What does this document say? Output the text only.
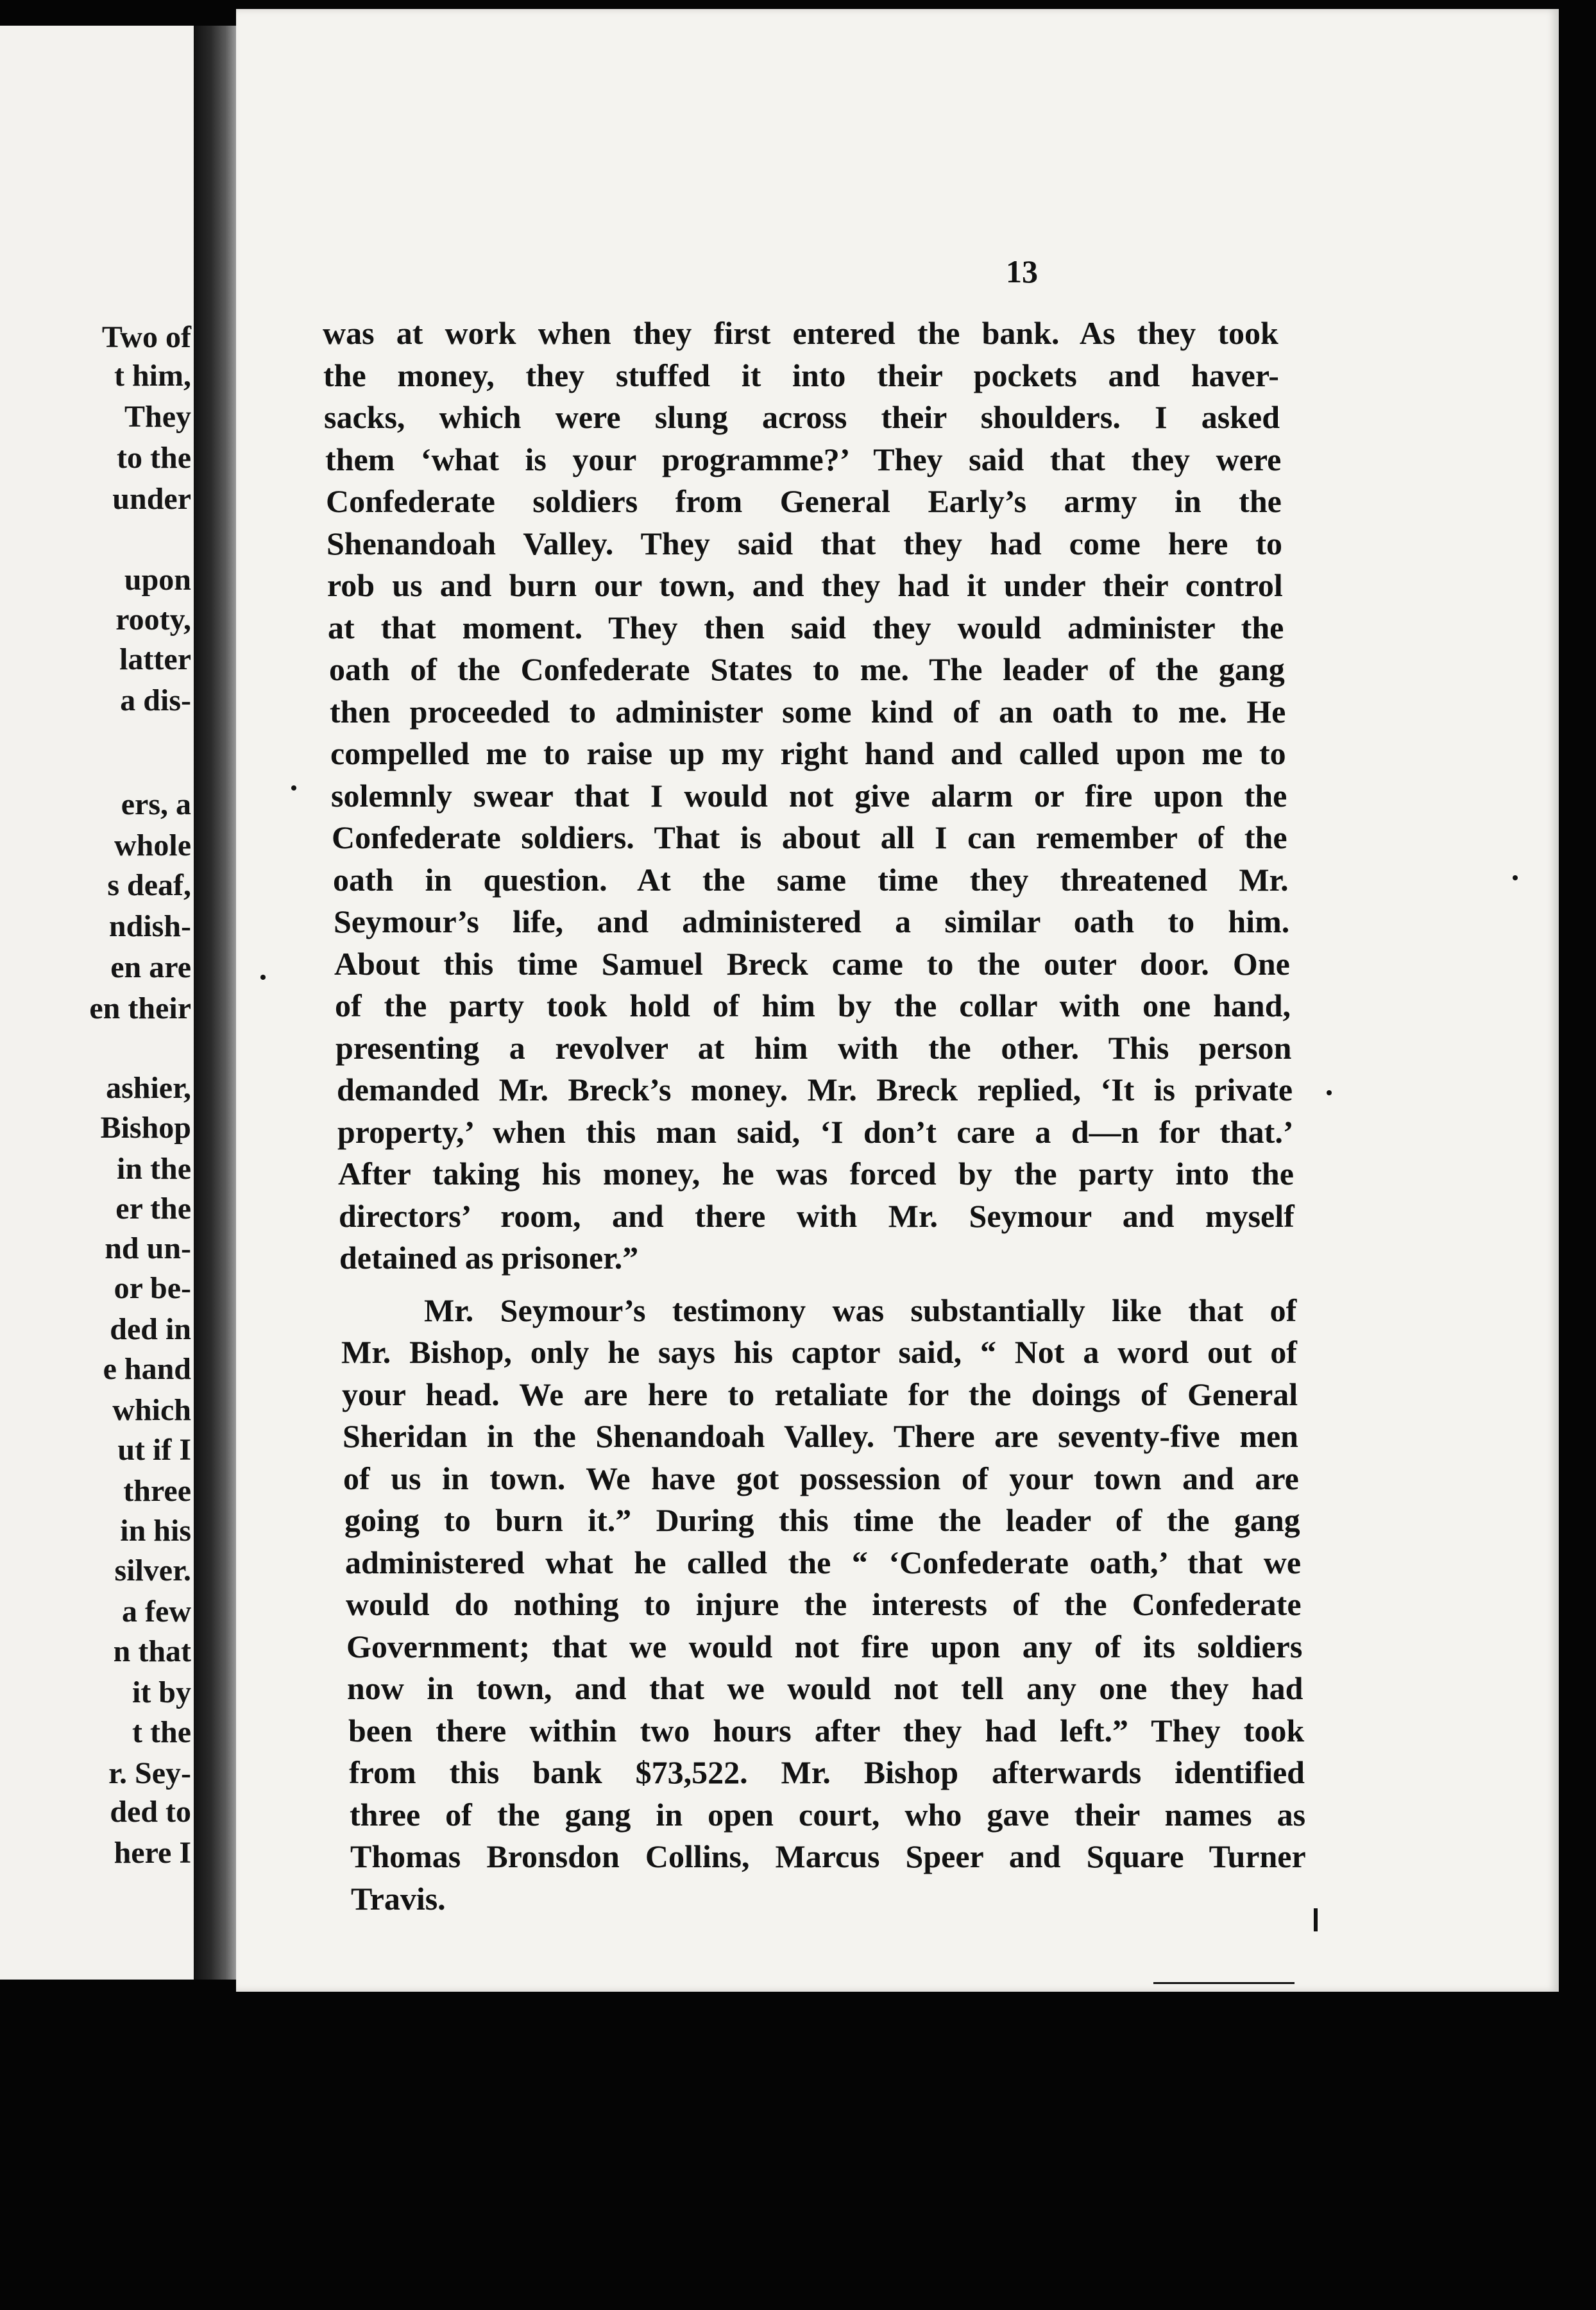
Two of
t him,
They
to the
under
upon
rooty,
latter
a dis-
ers, a
whole
s deaf,
ndish-
en are
en their
ashier,
Bishop
in the
er the
nd un-
or be-
ded in
e hand
which
ut if I
three
in his
silver.
a few
n that
it by
t the
r. Sey-
ded to
here I
13
was at work when they first entered the bank. As they took
the money, they stuffed it into their pockets and haver-
sacks, which were slung across their shoulders. I asked
them ‘what is your programme?’ They said that they were
Confederate soldiers from General Early’s army in the
Shenandoah Valley. They said that they had come here to
rob us and burn our town, and they had it under their control
at that moment. They then said they would administer the
oath of the Confederate States to me. The leader of the gang
then proceeded to administer some kind of an oath to me. He
compelled me to raise up my right hand and called upon me to
solemnly swear that I would not give alarm or fire upon the
Confederate soldiers. That is about all I can remember of the
oath in question. At the same time they threatened Mr.
Seymour’s life, and administered a similar oath to him.
About this time Samuel Breck came to the outer door. One
of the party took hold of him by the collar with one hand,
presenting a revolver at him with the other. This person
demanded Mr. Breck’s money. Mr. Breck replied, ‘It is private
property,’ when this man said, ‘I don’t care a d—n for that.’
After taking his money, he was forced by the party into the
directors’ room, and there with Mr. Seymour and myself
detained as prisoner.”
Mr. Seymour’s testimony was substantially like that of
Mr. Bishop, only he says his captor said, “ Not a word out of
your head. We are here to retaliate for the doings of General
Sheridan in the Shenandoah Valley. There are seventy-five men
of us in town. We have got possession of your town and are
going to burn it.” During this time the leader of the gang
administered what he called the “ ‘Confederate oath,’ that we
would do nothing to injure the interests of the Confederate
Government; that we would not fire upon any of its soldiers
now in town, and that we would not tell any one they had
been there within two hours after they had left.” They took
from this bank $73,522. Mr. Bishop afterwards identified
three of the gang in open court, who gave their names as
Thomas Bronsdon Collins, Marcus Speer and Square Turner
Travis.
